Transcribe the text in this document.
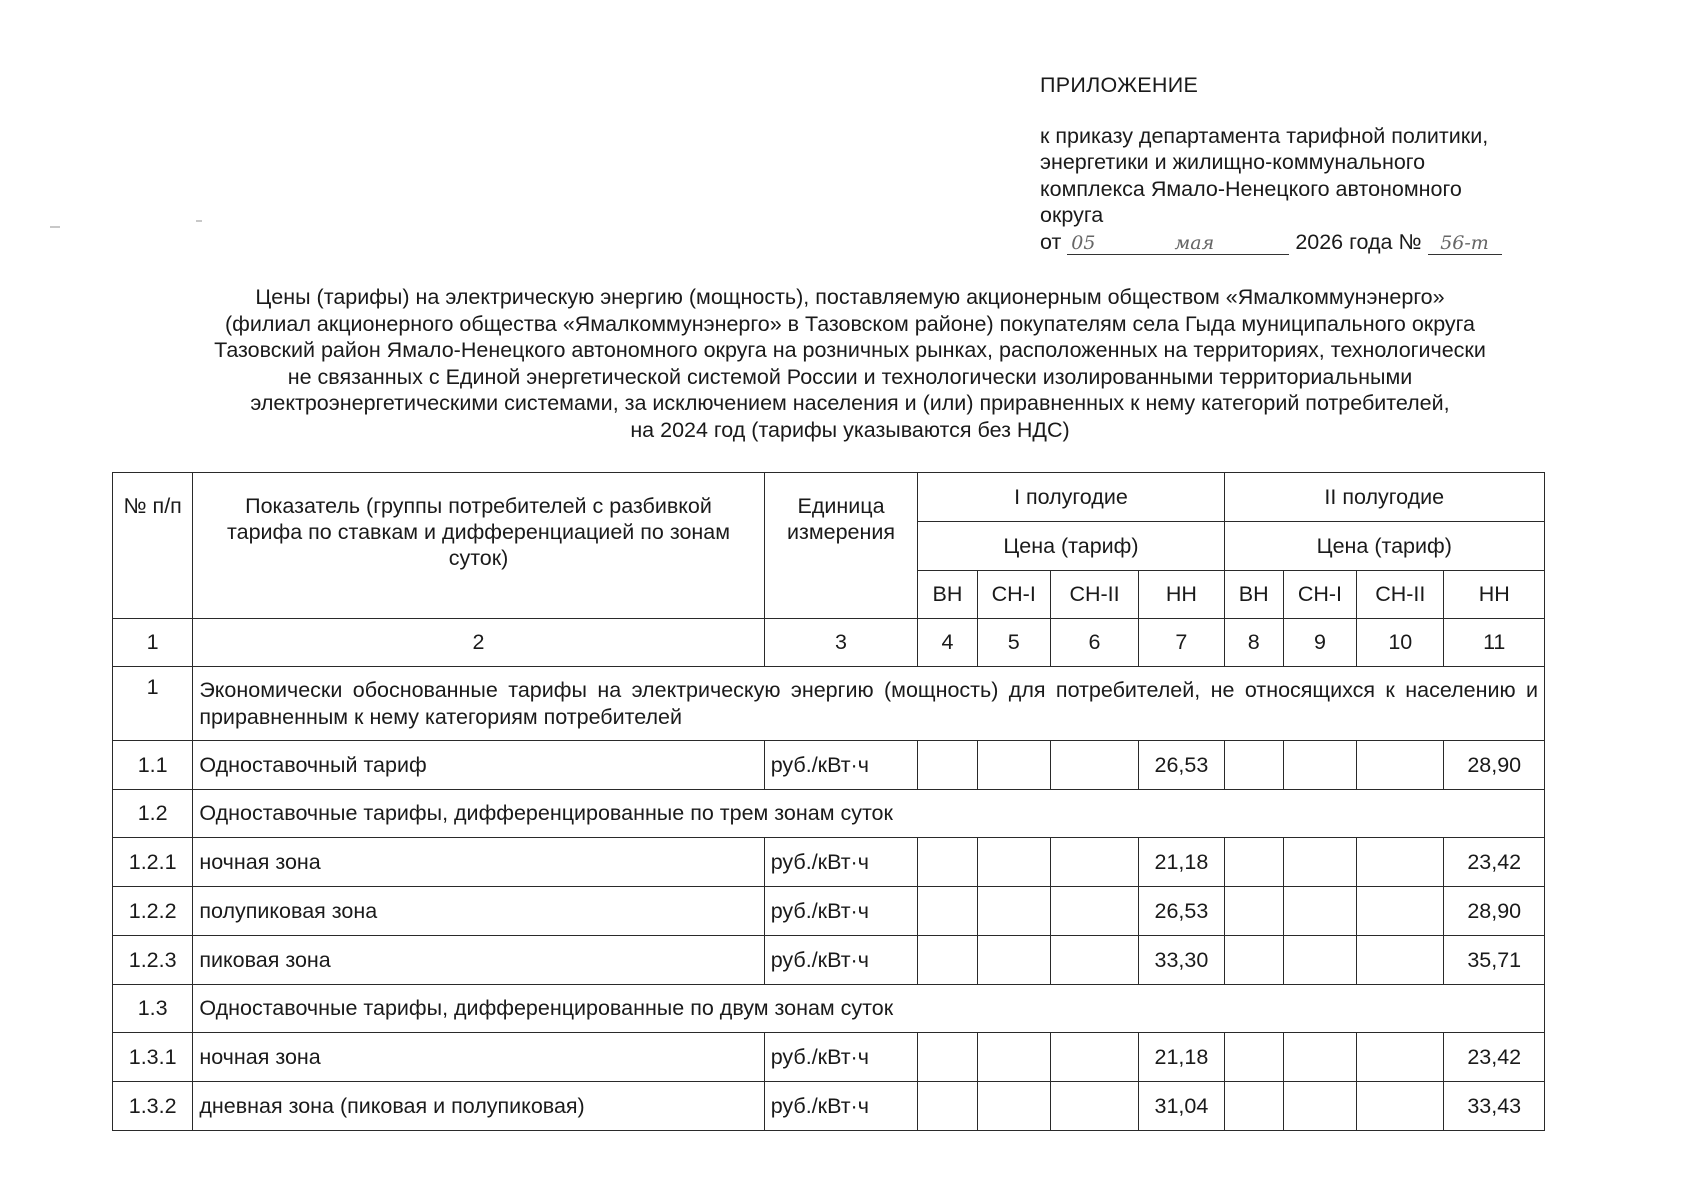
ПРИЛОЖЕНИЕ
к приказу департамента тарифной политики,
энергетики и жилищно-коммунального
комплекса Ямало-Ненецкого автономного
округа
от 05	мая	2026 года № 56-т
Цены (тарифы) на электрическую энергию (мощность), поставляемую акционерным обществом «Ямалкоммунэнерго»
(филиал акционерного общества «Ямалкоммунэнерго» в Тазовском районе) покупателям села Гыда муниципального округа
Тазовский район Ямало-Ненецкого автономного округа на розничных рынках, расположенных на территориях, технологически
не связанных с Единой энергетической системой России и технологически изолированными территориальными
электроэнергетическими системами, за исключением населения и (или) приравненных к нему категорий потребителей,
на 2024 год (тарифы указываются без НДС)
№ п/п	Показатель (группы потребителей с разбивкой тарифа по ставкам и дифференциацией по зонам суток)	Единица измерения	I полугодие				II полугодие			
			Цена (тариф)				Цена (тариф)			
			ВН	СН-I	СН-II	НН	ВН	СН-I	СН-II	НН
1	2	3	4	5	6	7	8	9	10	11
1	Экономически обоснованные тарифы на электрическую энергию (мощность) для потребителей, не относящихся к населению и приравненным к нему категориям потребителей									
1.1	Одноставочный тариф	руб./кВт·ч				26,53				28,90
1.2	Одноставочные тарифы, дифференцированные по трем зонам суток									
1.2.1	ночная зона	руб./кВт·ч				21,18				23,42
1.2.2	полупиковая зона	руб./кВт·ч				26,53				28,90
1.2.3	пиковая зона	руб./кВт·ч				33,30				35,71
1.3	Одноставочные тарифы, дифференцированные по двум зонам суток									
1.3.1	ночная зона	руб./кВт·ч				21,18				23,42
1.3.2	дневная зона (пиковая и полупиковая)	руб./кВт·ч				31,04				33,43
